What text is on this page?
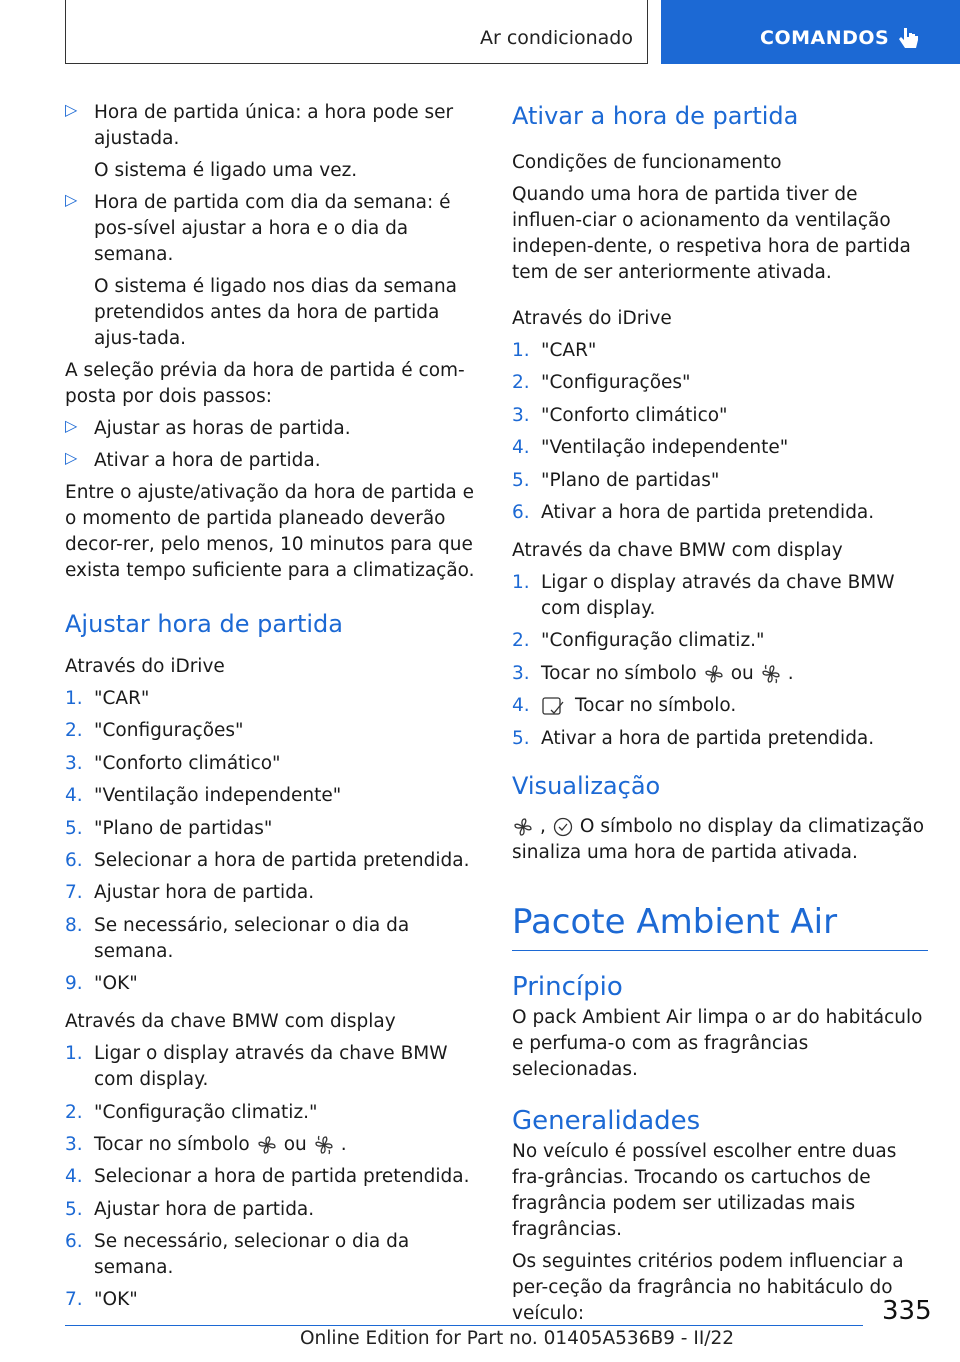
Ar condicionado	COMANDOS
▷ Hora de partida única: a hora pode ser ajustada.

O sistema é ligado uma vez.

▷ Hora de partida com dia da semana: é pos-sível ajustar a hora e o dia da semana.

O sistema é ligado nos dias da semana pretendidos antes da hora de partida ajus-tada.

A seleção prévia da hora de partida é com-posta por dois passos:

▷ Ajustar as horas de partida.

▷ Ativar a hora de partida.

Entre o ajuste/ativação da hora de partida e o momento de partida planeado deverão decor-rer, pelo menos, 10 minutos para que exista tempo suficiente para a climatização.

Ajustar hora de partida
Através do iDrive
1. "CAR"
2. "Configurações"
3. "Conforto climático"
4. "Ventilação independente"
5. "Plano de partidas"
6. Selecionar a hora de partida pretendida.
7. Ajustar hora de partida.
8. Se necessário, selecionar o dia da semana.
9. "OK"
Através da chave BMW com display
1. Ligar o display através da chave BMW com display.
2. "Configuração climatiz."
3. Tocar no símbolo ou .
4. Selecionar a hora de partida pretendida.
5. Ajustar hora de partida.
6. Se necessário, selecionar o dia da semana.
7. "OK"
Ativar a hora de partida
Condições de funcionamento

Quando uma hora de partida tiver de influen-ciar o acionamento da ventilação indepen-dente, o respetiva hora de partida tem de ser anteriormente ativada.

Através do iDrive
1. "CAR"
2. "Configurações"
3. "Conforto climático"
4. "Ventilação independente"
5. "Plano de partidas"
6. Ativar a hora de partida pretendida.
Através da chave BMW com display
1. Ligar o display através da chave BMW com display.
2. "Configuração climatiz."
3. Tocar no símbolo ou .
4. Tocar no símbolo.
5. Ativar a hora de partida pretendida.
Visualização

, O símbolo no display da climatização sinaliza uma hora de partida ativada.

Pacote Ambient Air
Princípio

O pack Ambient Air limpa o ar do habitáculo e perfuma-o com as fragrâncias selecionadas.

Generalidades

No veículo é possível escolher entre duas fra-grâncias. Trocando os cartuchos de fragrância podem ser utilizadas mais fragrâncias.

Os seguintes critérios podem influenciar a per-ceção da fragrância no habitáculo do veículo:	335
Online Edition for Part no. 01405A536B9 - II/22
